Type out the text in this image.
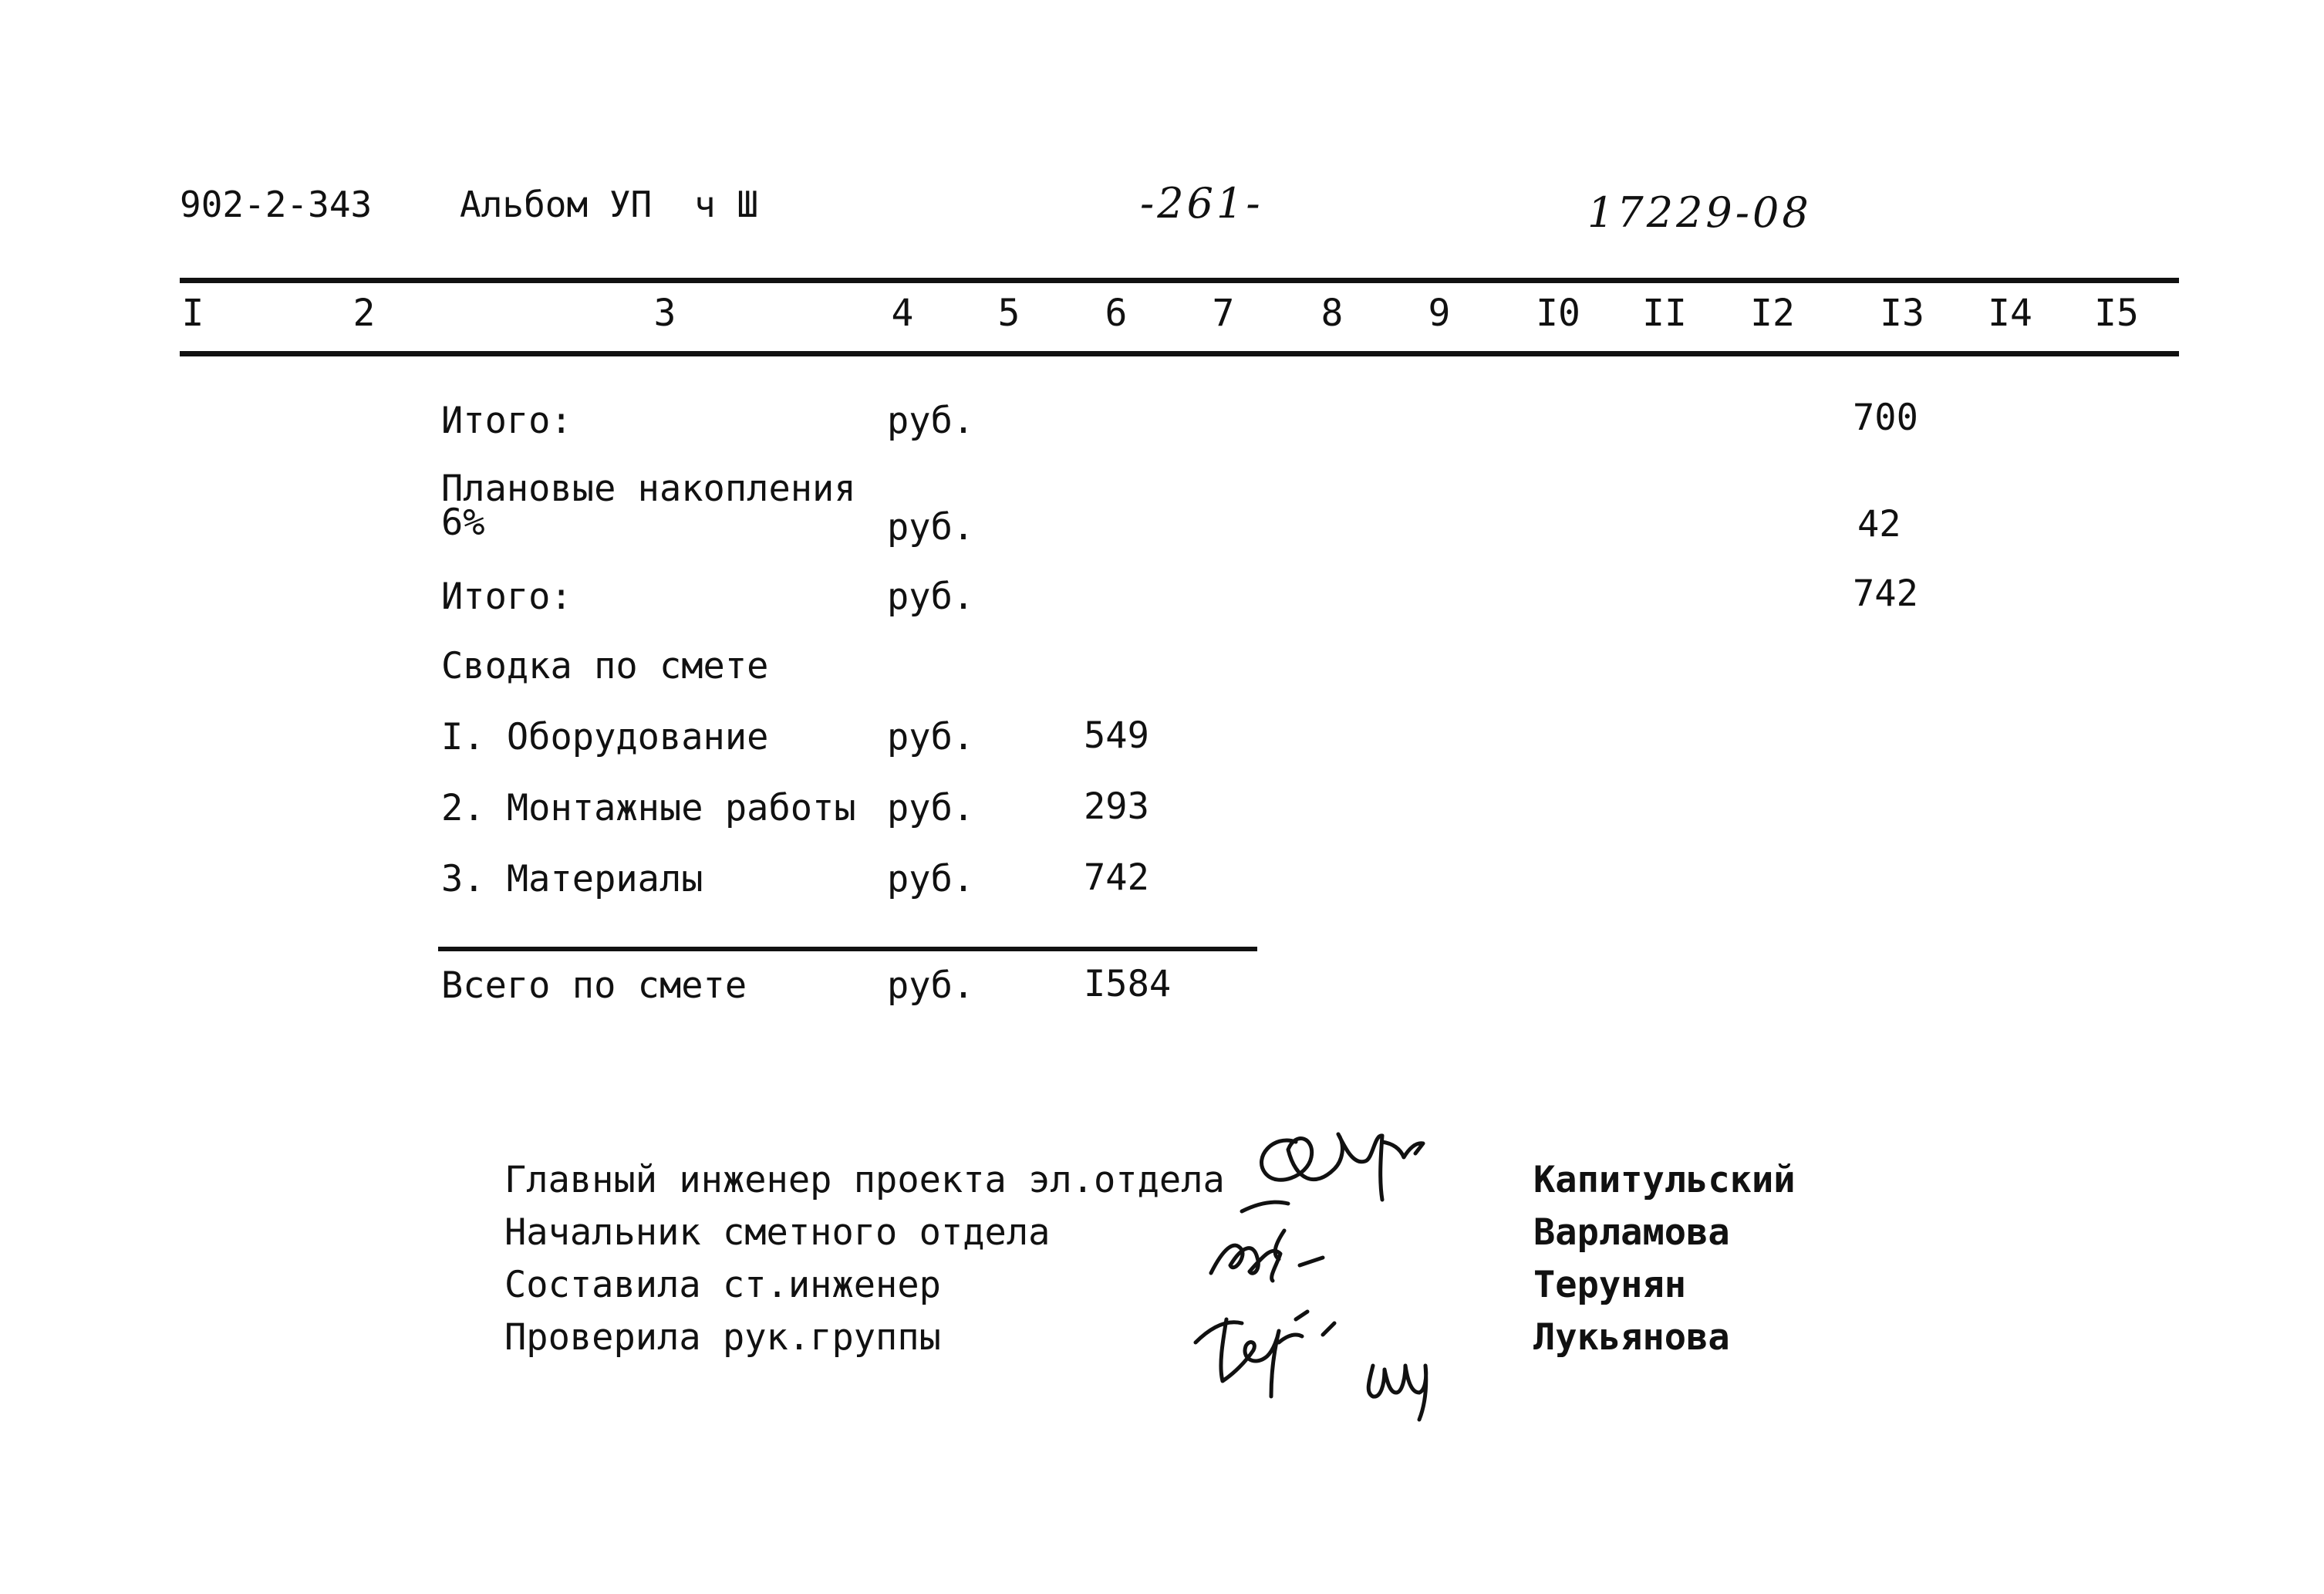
902-2-343 Альбом УП ч Ш	-261-	17229-08
I	2	3	4 5 6 7 8 9 I0 II I2 I3 I4 I5
Итого:	руб.	700
Плановые накопления 6%	руб.	42
Итого:	руб.	742
Сводка по смете
I. Оборудование	руб.	549
2. Монтажные работы руб.	293
3. Материалы	руб.	742
Всего по смете	руб.	I584
Главный инженер проекта эл.отдела	Капитульский
Начальник сметного отдела	Варламова
Составила ст.инженер	Терунян
Проверила рук.группы	Лукьянова
